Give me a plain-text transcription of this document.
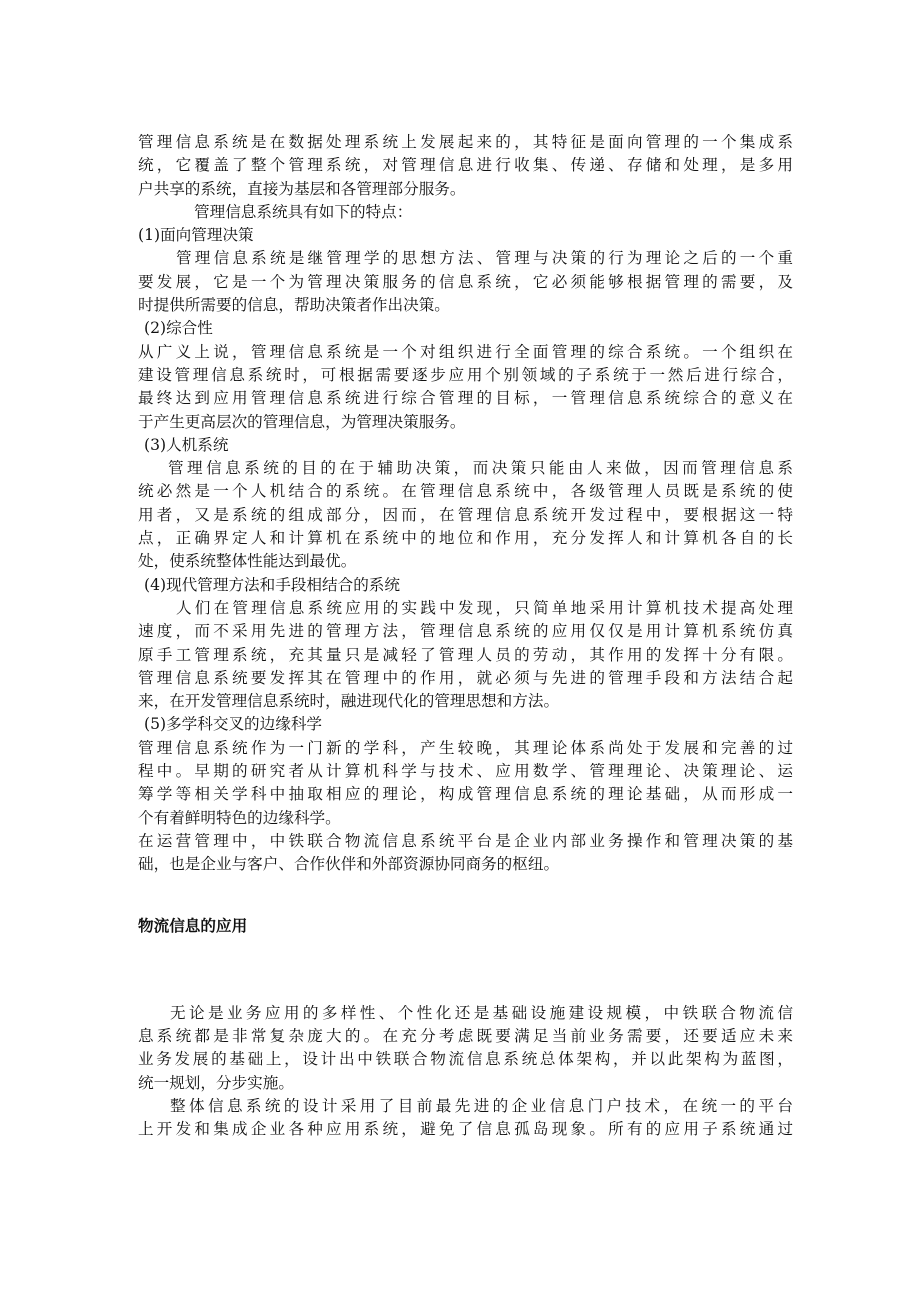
管理信息系统是在数据处理系统上发展起来的，其特征是面向管理的一个集成系
统，它覆盖了整个管理系统，对管理信息进行收集、传递、存储和处理，是多用
户共享的系统，直接为基层和各管理部分服务。
管理信息系统具有如下的特点：
(1)面向管理决策
管理信息系统是继管理学的思想方法、管理与决策的行为理论之后的一个重
要发展，它是一个为管理决策服务的信息系统，它必须能够根据管理的需要，及
时提供所需要的信息，帮助决策者作出决策。
(2)综合性
从广义上说，管理信息系统是一个对组织进行全面管理的综合系统。一个组织在
建设管理信息系统时，可根据需要逐步应用个别领域的子系统于一然后进行综合，
最终达到应用管理信息系统进行综合管理的目标，一管理信息系统综合的意义在
于产生更高层次的管理信息，为管理决策服务。
(3)人机系统
管理信息系统的目的在于辅助决策，而决策只能由人来做，因而管理信息系
统必然是一个人机结合的系统。在管理信息系统中，各级管理人员既是系统的使
用者，又是系统的组成部分，因而，在管理信息系统开发过程中，要根据这一特
点，正确界定人和计算机在系统中的地位和作用，充分发挥人和计算机各自的长
处，使系统整体性能达到最优。
(4)现代管理方法和手段相结合的系统
人们在管理信息系统应用的实践中发现，只简单地采用计算机技术提高处理
速度，而不采用先进的管理方法，管理信息系统的应用仅仅是用计算机系统仿真
原手工管理系统，充其量只是减轻了管理人员的劳动，其作用的发挥十分有限。
管理信息系统要发挥其在管理中的作用，就必须与先进的管理手段和方法结合起
来，在开发管理信息系统时，融进现代化的管理思想和方法。
(5)多学科交叉的边缘科学
管理信息系统作为一门新的学科，产生较晚，其理论体系尚处于发展和完善的过
程中。早期的研究者从计算机科学与技术、应用数学、管理理论、决策理论、运
筹学等相关学科中抽取相应的理论，构成管理信息系统的理论基础，从而形成一
个有着鲜明特色的边缘科学。
在运营管理中，中铁联合物流信息系统平台是企业内部业务操作和管理决策的基
础，也是企业与客户、合作伙伴和外部资源协同商务的枢纽。
物流信息的应用
无论是业务应用的多样性、个性化还是基础设施建设规模，中铁联合物流信
息系统都是非常复杂庞大的。在充分考虑既要满足当前业务需要，还要适应未来
业务发展的基础上，设计出中铁联合物流信息系统总体架构，并以此架构为蓝图，
统一规划，分步实施。
整体信息系统的设计采用了目前最先进的企业信息门户技术，在统一的平台
上开发和集成企业各种应用系统，避免了信息孤岛现象。所有的应用子系统通过
